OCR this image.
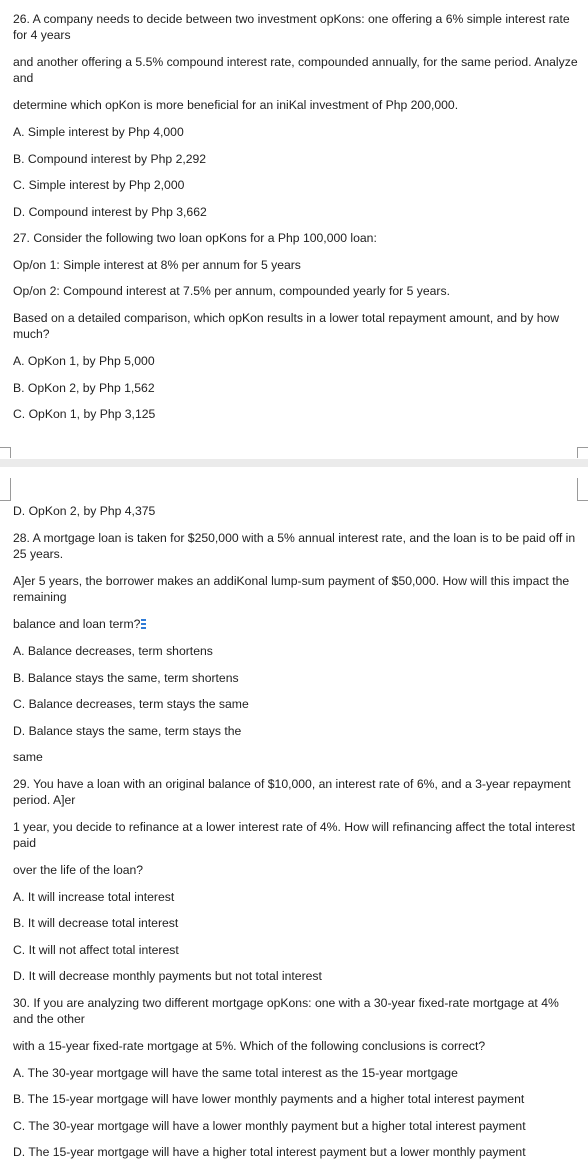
26. A company needs to decide between two investment opKons: one offering a 6% simple interest rate for 4 years

and another offering a 5.5% compound interest rate, compounded annually, for the same period. Analyze and

determine which opKon is more beneficial for an iniKal investment of Php 200,000.

A. Simple interest by Php 4,000

B. Compound interest by Php 2,292

C. Simple interest by Php 2,000

D. Compound interest by Php 3,662

27. Consider the following two loan opKons for a Php 100,000 loan:

Op/on 1: Simple interest at 8% per annum for 5 years

Op/on 2: Compound interest at 7.5% per annum, compounded yearly for 5 years.

Based on a detailed comparison, which opKon results in a lower total repayment amount, and by how much?

A. OpKon 1, by Php 5,000

B. OpKon 2, by Php 1,562

C. OpKon 1, by Php 3,125

D. OpKon 2, by Php 4,375

28. A mortgage loan is taken for $250,000 with a 5% annual interest rate, and the loan is to be paid off in 25 years.

A]er 5 years, the borrower makes an addiKonal lump-sum payment of $50,000. How will this impact the remaining

balance and loan term?

A. Balance decreases, term shortens

B. Balance stays the same, term shortens

C. Balance decreases, term stays the same

D. Balance stays the same, term stays the

same

29. You have a loan with an original balance of $10,000, an interest rate of 6%, and a 3-year repayment period. A]er

1 year, you decide to refinance at a lower interest rate of 4%. How will refinancing affect the total interest paid

over the life of the loan?

A. It will increase total interest

B. It will decrease total interest

C. It will not affect total interest

D. It will decrease monthly payments but not total interest

30. If you are analyzing two different mortgage opKons: one with a 30-year fixed-rate mortgage at 4% and the other

with a 15-year fixed-rate mortgage at 5%. Which of the following conclusions is correct?

A. The 30-year mortgage will have the same total interest as the 15-year mortgage

B. The 15-year mortgage will have lower monthly payments and a higher total interest payment

C. The 30-year mortgage will have a lower monthly payment but a higher total interest payment

D. The 15-year mortgage will have a higher total interest payment but a lower monthly payment
